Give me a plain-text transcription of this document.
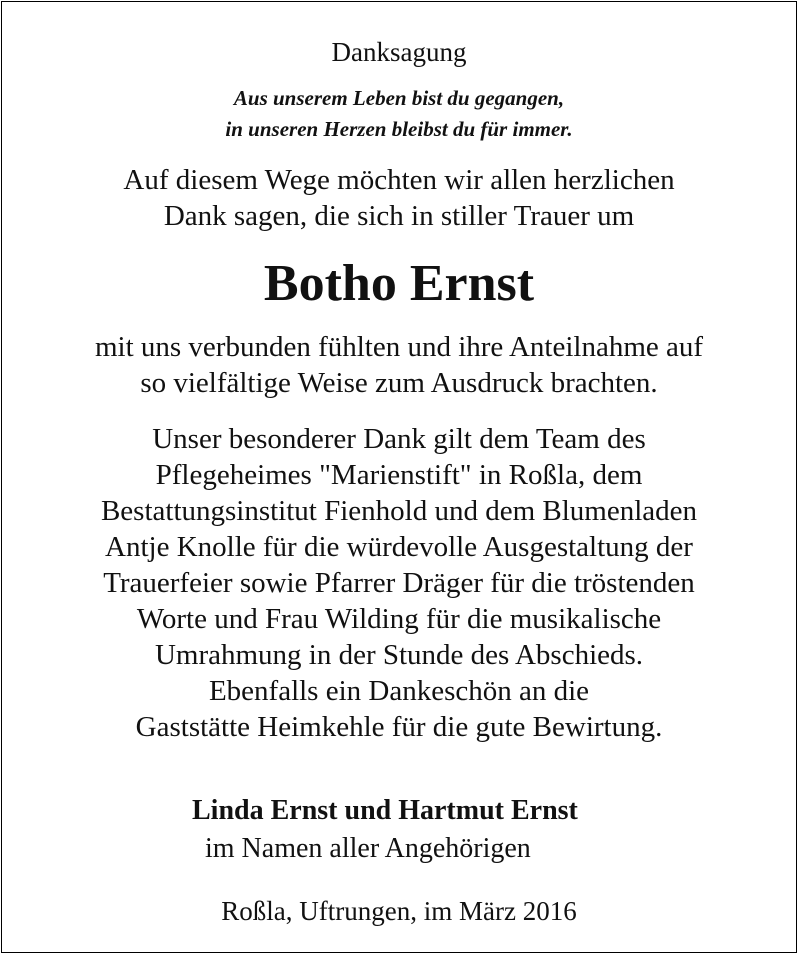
Danksagung
Aus unserem Leben bist du gegangen,
in unseren Herzen bleibst du für immer.
Auf diesem Wege möchten wir allen herzlichen
Dank sagen, die sich in stiller Trauer um
Botho Ernst
mit uns verbunden fühlten und ihre Anteilnahme auf
so vielfältige Weise zum Ausdruck brachten.
Unser besonderer Dank gilt dem Team des
Pflegeheimes "Marienstift" in Roßla, dem
Bestattungsinstitut Fienhold und dem Blumenladen
Antje Knolle für die würdevolle Ausgestaltung der
Trauerfeier sowie Pfarrer Dräger für die tröstenden
Worte und Frau Wilding für die musikalische
Umrahmung in der Stunde des Abschieds.
Ebenfalls ein Dankeschön an die
Gaststätte Heimkehle für die gute Bewirtung.
Linda Ernst und Hartmut Ernst
im Namen aller Angehörigen
Roßla, Uftrungen, im März 2016
